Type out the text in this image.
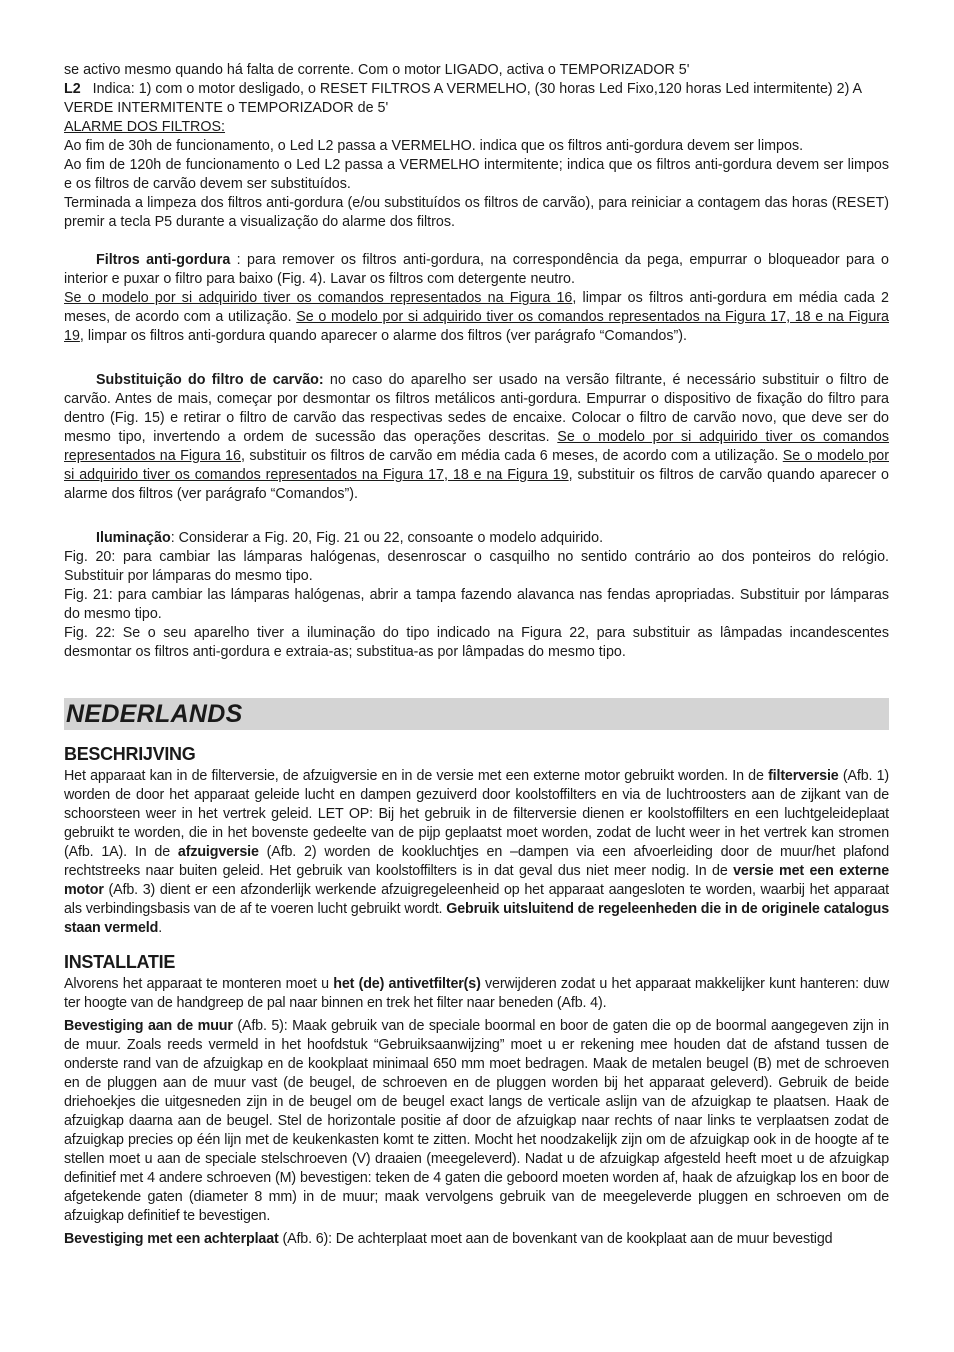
se activo mesmo quando há falta de corrente. Com o motor LIGADO, activa o TEMPORIZADOR 5'

L2 Indica: 1) com o motor desligado, o RESET FILTROS A VERMELHO, (30 horas Led Fixo,120 horas Led intermitente) 2) A VERDE INTERMITENTE o TEMPORIZADOR de 5'

ALARME DOS FILTROS:

Ao fim de 30h de funcionamento, o Led L2 passa a VERMELHO. indica que os filtros anti-gordura devem ser limpos.

Ao fim de 120h de funcionamento o Led L2 passa a VERMELHO intermitente; indica que os filtros anti-gordura devem ser limpos e os filtros de carvão devem ser substituídos.

Terminada a limpeza dos filtros anti-gordura (e/ou substituídos os filtros de carvão), para reiniciar a contagem das horas (RESET) premir a tecla P5 durante a visualização do alarme dos filtros.

Filtros anti-gordura : para remover os filtros anti-gordura, na correspondência da pega, empurrar o bloqueador para o interior e puxar o filtro para baixo (Fig. 4). Lavar os filtros com detergente neutro.
Se o modelo por si adquirido tiver os comandos representados na Figura 16, limpar os filtros anti-gordura em média cada 2 meses, de acordo com a utilização. Se o modelo por si adquirido tiver os comandos representados na Figura 17, 18 e na Figura 19, limpar os filtros anti-gordura quando aparecer o alarme dos filtros (ver parágrafo “Comandos”).

Substituição do filtro de carvão: no caso do aparelho ser usado na versão filtrante, é necessário substituir o filtro de carvão. Antes de mais, começar por desmontar os filtros metálicos anti-gordura. Empurrar o dispositivo de fixação do filtro para dentro (Fig. 15) e retirar o filtro de carvão das respectivas sedes de encaixe. Colocar o filtro de carvão novo, que deve ser do mesmo tipo, invertendo a ordem de sucessão das operações descritas. Se o modelo por si adquirido tiver os comandos representados na Figura 16, substituir os filtros de carvão em média cada 6 meses, de acordo com a utilização. Se o modelo por si adquirido tiver os comandos representados na Figura 17, 18 e na Figura 19, substituir os filtros de carvão quando aparecer o alarme dos filtros (ver parágrafo “Comandos”).

Iluminação: Considerar a Fig. 20, Fig. 21 ou 22, consoante o modelo adquirido.

Fig. 20: para cambiar las lámparas halógenas, desenroscar o casquilho no sentido contrário ao dos ponteiros do relógio. Substituir por lámparas do mesmo tipo.

Fig. 21: para cambiar las lámparas halógenas, abrir a tampa fazendo alavanca nas fendas apropriadas. Substituir por lámparas do mesmo tipo.

Fig. 22: Se o seu aparelho tiver a iluminação do tipo indicado na Figura 22, para substituir as lâmpadas incandescentes desmontar os filtros anti-gordura e extraia-as; substitua-as por lâmpadas do mesmo tipo.

NEDERLANDS
BESCHRIJVING

Het apparaat kan in de filterversie, de afzuigversie en in de versie met een externe motor gebruikt worden. In de filterversie (Afb. 1) worden de door het apparaat geleide lucht en dampen gezuiverd door koolstoffilters en via de luchtroosters aan de zijkant van de schoorsteen weer in het vertrek geleid. LET OP: Bij het gebruik in de filterversie dienen er koolstoffilters en een luchtgeleideplaat gebruikt te worden, die in het bovenste gedeelte van de pijp geplaatst moet worden, zodat de lucht weer in het vertrek kan stromen (Afb. 1A). In de afzuigversie (Afb. 2) worden de kookluchtjes en –dampen via een afvoerleiding door de muur/het plafond rechtstreeks naar buiten geleid. Het gebruik van koolstoffilters is in dat geval dus niet meer nodig. In de versie met een externe motor (Afb. 3) dient er een afzonderlijk werkende afzuigregeleenheid op het apparaat aangesloten te worden, waarbij het apparaat als verbindingsbasis van de af te voeren lucht gebruikt wordt. Gebruik uitsluitend de regeleenheden die in de originele catalogus staan vermeld.

INSTALLATIE

Alvorens het apparaat te monteren moet u het (de) antivetfilter(s) verwijderen zodat u het apparaat makkelijker kunt hanteren: duw ter hoogte van de handgreep de pal naar binnen en trek het filter naar beneden (Afb. 4).

Bevestiging aan de muur (Afb. 5): Maak gebruik van de speciale boormal en boor de gaten die op de boormal aangegeven zijn in de muur. Zoals reeds vermeld in het hoofdstuk “Gebruiksaanwijzing” moet u er rekening mee houden dat de afstand tussen de onderste rand van de afzuigkap en de kookplaat minimaal 650 mm moet bedragen. Maak de metalen beugel (B) met de schroeven en de pluggen aan de muur vast (de beugel, de schroeven en de pluggen worden bij het apparaat geleverd). Gebruik de beide driehoekjes die uitgesneden zijn in de beugel om de beugel exact langs de verticale aslijn van de afzuigkap te plaatsen. Haak de afzuigkap daarna aan de beugel. Stel de horizontale positie af door de afzuigkap naar rechts of naar links te verplaatsen zodat de afzuigkap precies op één lijn met de keukenkasten komt te zitten. Mocht het noodzakelijk zijn om de afzuigkap ook in de hoogte af te stellen moet u aan de speciale stelschroeven (V) draaien (meegeleverd). Nadat u de afzuigkap afgesteld heeft moet u de afzuigkap definitief met 4 andere schroeven (M) bevestigen: teken de 4 gaten die geboord moeten worden af, haak de afzuigkap los en boor de afgetekende gaten (diameter 8 mm) in de muur; maak vervolgens gebruik van de meegeleverde pluggen en schroeven om de afzuigkap definitief te bevestigen.

Bevestiging met een achterplaat (Afb. 6): De achterplaat moet aan de bovenkant van de kookplaat aan de muur bevestigd
